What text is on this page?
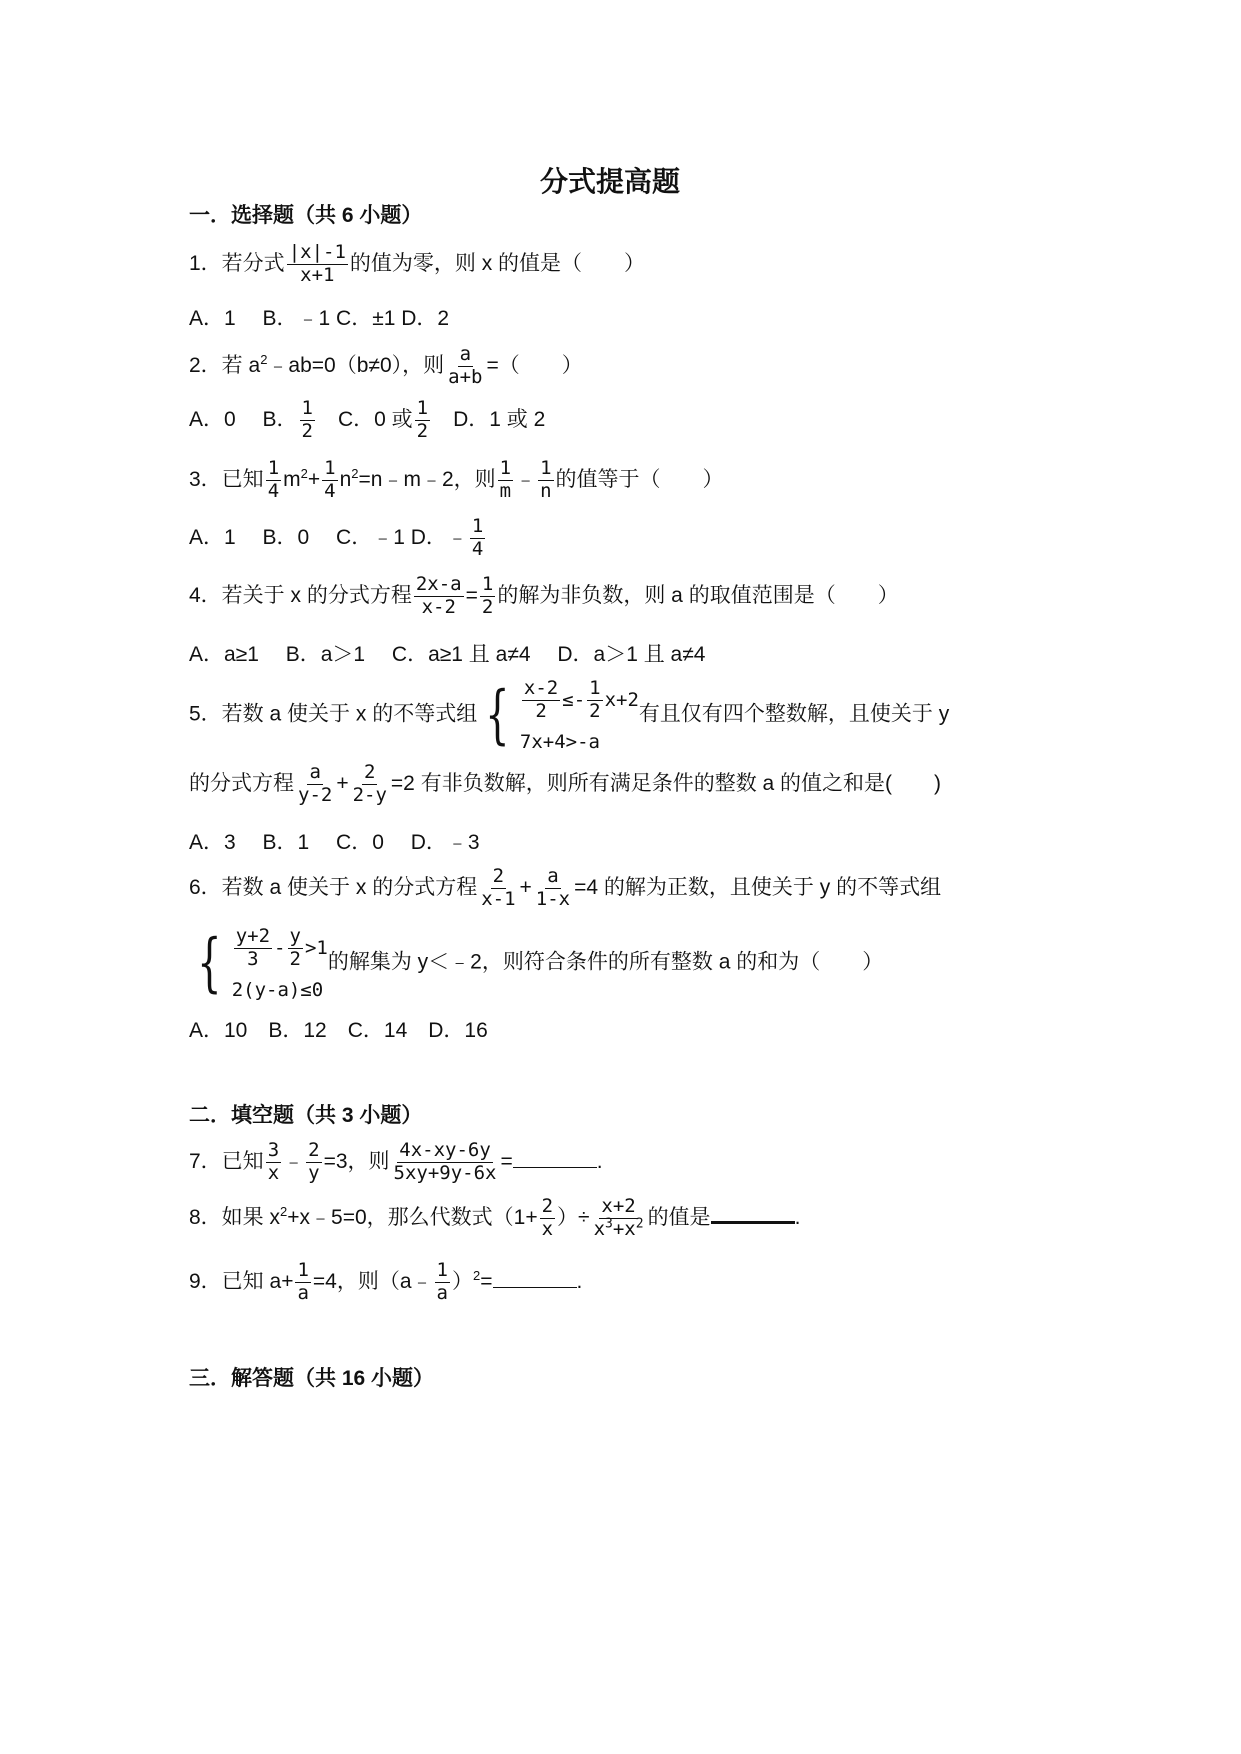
分式提高题
一．选择题（共 6 小题）
1．若分式 $\frac{|x|-1}{x+1}$ 的值为零，则 x 的值是（　　）
A．1　 B．﹣1 C．±1 D．2
2．若 $a^2﹣ab=0(b\ne 0)$，则 $\frac{a}{a+b}$ =（　　）
A．0　 B． $\frac{1}{2}$ 　C．0 或 $\frac{1}{2}$ 　D．1 或 2
3．已知 $\frac{1}{4} m^2+ \frac{1}{4}$ $n^2=n﹣m﹣2$，则 $\frac{1}{m}$ ﹣ $\frac{1}{n}$ 的值等于（　　）
A．1　 B．0　 C．﹣1 D．﹣ $\frac{1}{4}$
4．若关于 x 的分式方程 $\frac{2x-a}{x-2} = \frac{1}{2}$ 的解为非负数，则 a 的取值范围是（　　）
A．a≥1　 B．a＞1　 C．a≥1 且 a≠4　 D．a＞1 且 a≠4
5．若数 a 使关于 x 的不等式组 { $\frac{x-2}{2} \le- \frac{1}{2} x+2$
7x+4>-a
有且仅有四个整数解，且使关于 y
的分式方程 $\frac{a}{y-2} + \frac{2}{2-y} =2$ 有非负数解，则所有满足条件的整数 a 的值之和是(　　)
A．3　 B．1　 C．0　 D．﹣3
6．若数 a 使关于 x 的分式方程 $\frac{2}{x-1} + \frac{a}{1-x} =4$ 的解为正数，且使关于 y 的不等式组
{ $\frac{y+2}{3} - \frac{y}{2} >1$
2(y-a)≤0
的解集为 y＜﹣2，则符合条件的所有整数 a 的和为（　　）
A．10　B．12　C．14　D．16
二．填空题（共 3 小题）
7．已知 $\frac{3}{x}$ ﹣ $\frac{2}{y} =3$，则 $\frac{4x-xy-6y}{5xy+9y-6x}$ =	.
8．如果 $x^2+x﹣5=0$，那么代数式（$1+ \frac{2}{x}$ ）÷ $\frac{x+2}{x^3+x^2}$ 的值是	.
9．已知 $a+ \frac{1}{a} =4$，则（a﹣ $\frac{1}{a} )^2=$	.
三．解答题（共 16 小题）
